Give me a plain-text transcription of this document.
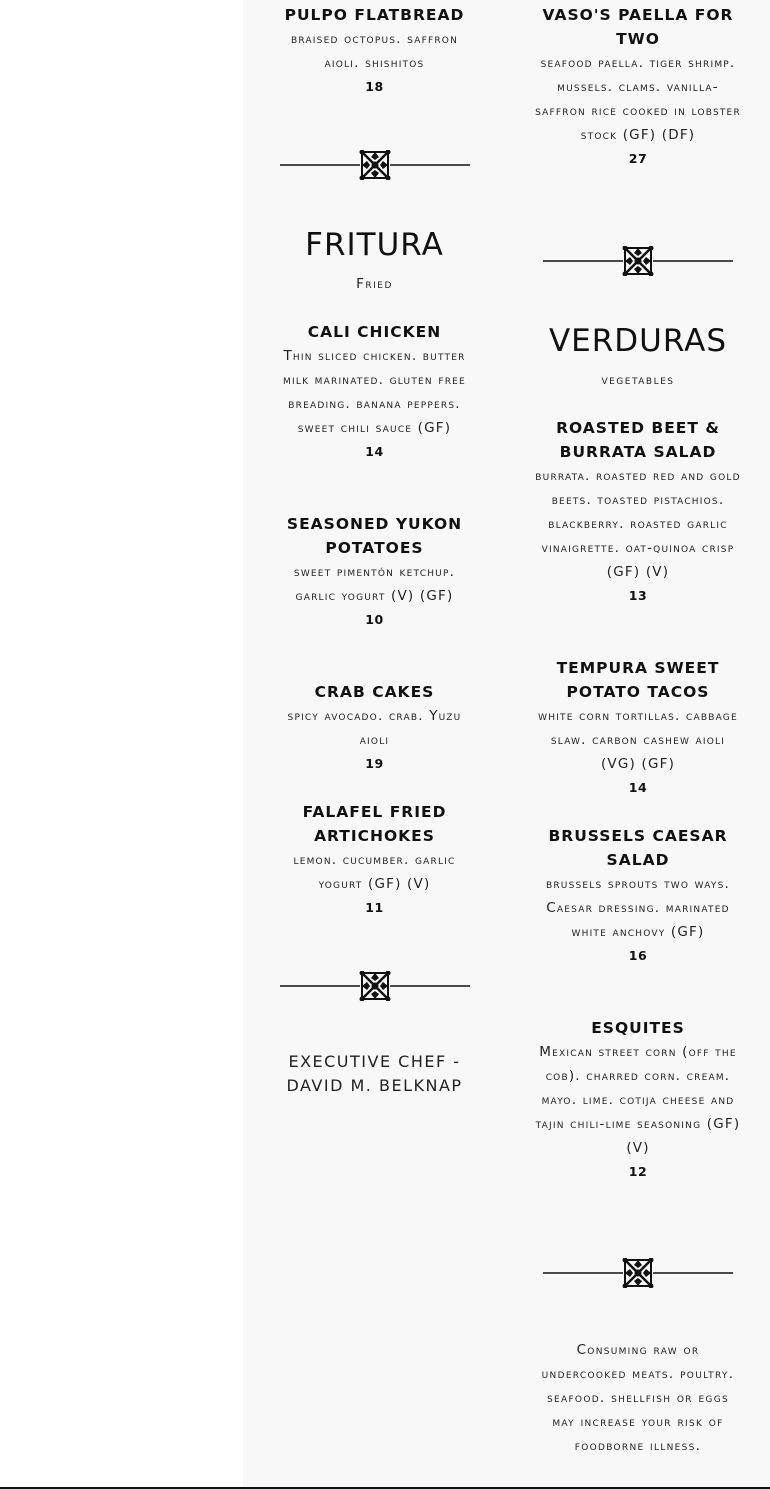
PULPO FLATBREAD
braised octopus. saffron aioli. shishitos
18
FRITURA
Fried
CALI CHICKEN
Thin sliced chicken. butter milk marinated. gluten free breading. banana peppers. sweet chili sauce (GF)
14
SEASONED YUKON POTATOES
sweet pimentón ketchup. garlic yogurt (V) (GF)
10
CRAB CAKES
spicy avocado. crab. Yuzu aioli
19
FALAFEL FRIED ARTICHOKES
lemon. cucumber. garlic yogurt (GF) (V)
11
EXECUTIVE CHEF - DAVID M. BELKNAP
VASO'S PAELLA FOR TWO
seafood paella. tiger shrimp. mussels. clams. vanilla-saffron rice cooked in lobster stock (GF) (DF)
27
VERDURAS
vegetables
ROASTED BEET & BURRATA SALAD
burrata. roasted red and gold beets. toasted pistachios. blackberry. roasted garlic vinaigrette. oat-quinoa crisp (GF) (V)
13
TEMPURA SWEET POTATO TACOS
white corn tortillas. cabbage slaw. carbon cashew aioli (VG) (GF)
14
BRUSSELS CAESAR SALAD
brussels sprouts two ways. Caesar dressing. marinated white anchovy (GF)
16
ESQUITES
Mexican street corn (off the cob). charred corn. cream. mayo. lime. cotija cheese and tajin chili-lime seasoning (GF) (V)
12
Consuming raw or undercooked meats. poultry. seafood. shellfish or eggs may increase your risk of foodborne illness.
